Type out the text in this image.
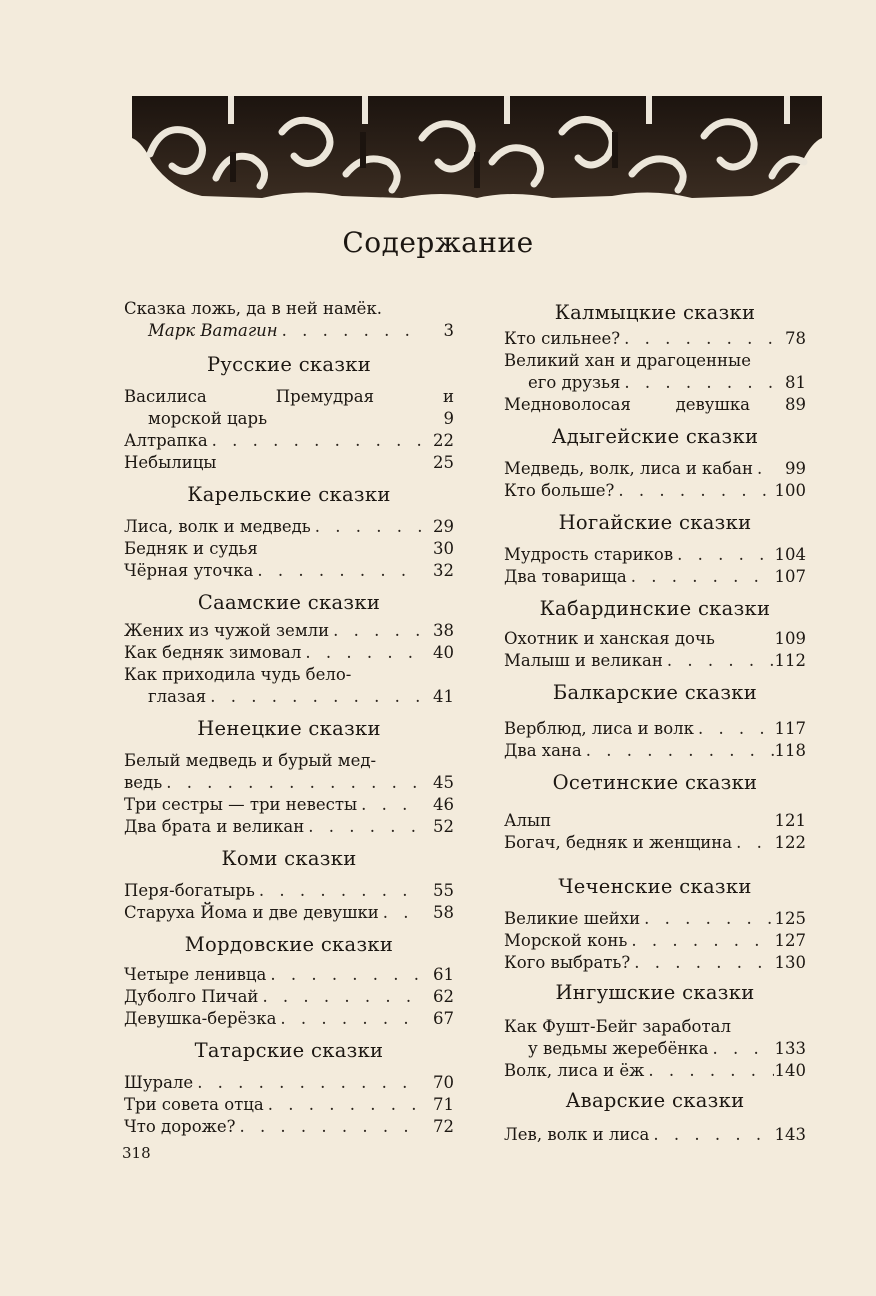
Содержание
Сказка ложь, да в ней намёк.
Марк Ватагин . . .	3
Русские сказки
Василиса	Премудрая	и
морской царь	9
Алтрапка . . .	22
Небылицы	25
Карельские сказки
Лиса, волк и медведь . . .	29
Бедняк и судья	30
Чёрная уточка . . .	32
Саамские сказки
Жених из чужой земли . . .	38
Как бедняк зимовал . . .	40
Как приходила чудь бело-
глазая . . .	41
Ненецкие сказки
Белый медведь и бурый мед-
ведь . . .	45
Три сестры — три невесты . . .	46
Два брата и великан . . .	52
Коми сказки
Перя-богатырь . . .	55
Старуха Йома и две девушки . . .	58
Мордовские сказки
Четыре ленивца . . .	61
Дуболго Пичай . . .	62
Девушка-берёзка . . .	67
Татарские сказки
Шурале . . .	70
Три совета отца . . .	71
Что дороже? . . .	72
Калмыцкие сказки
Кто сильнее? . . .	78
Великий хан и драгоценные
его друзья . . .	81
Медноволосая	девушка	89
Адыгейские сказки
Медведь, волк, лиса и кабан . . .	99
Кто больше? . . .	100
Ногайские сказки
Мудрость стариков . . .	104
Два товарища . . .	107
Кабардинские сказки
Охотник и ханская дочь	109
Малыш и великан . . .	112
Балкарские сказки
Верблюд, лиса и волк . . .	117
Два хана . . .	118
Осетинские сказки
Алып	121
Богач, бедняк и женщина . . .	122
Чеченские сказки
Великие шейхи . . .	125
Морской конь . . .	127
Кого выбрать? . . .	130
Ингушские сказки
Как Фушт-Бейг заработал
у ведьмы жеребёнка . . .	133
Волк, лиса и ёж . . .	140
Аварские сказки
Лев, волк и лиса . . .	143
318
